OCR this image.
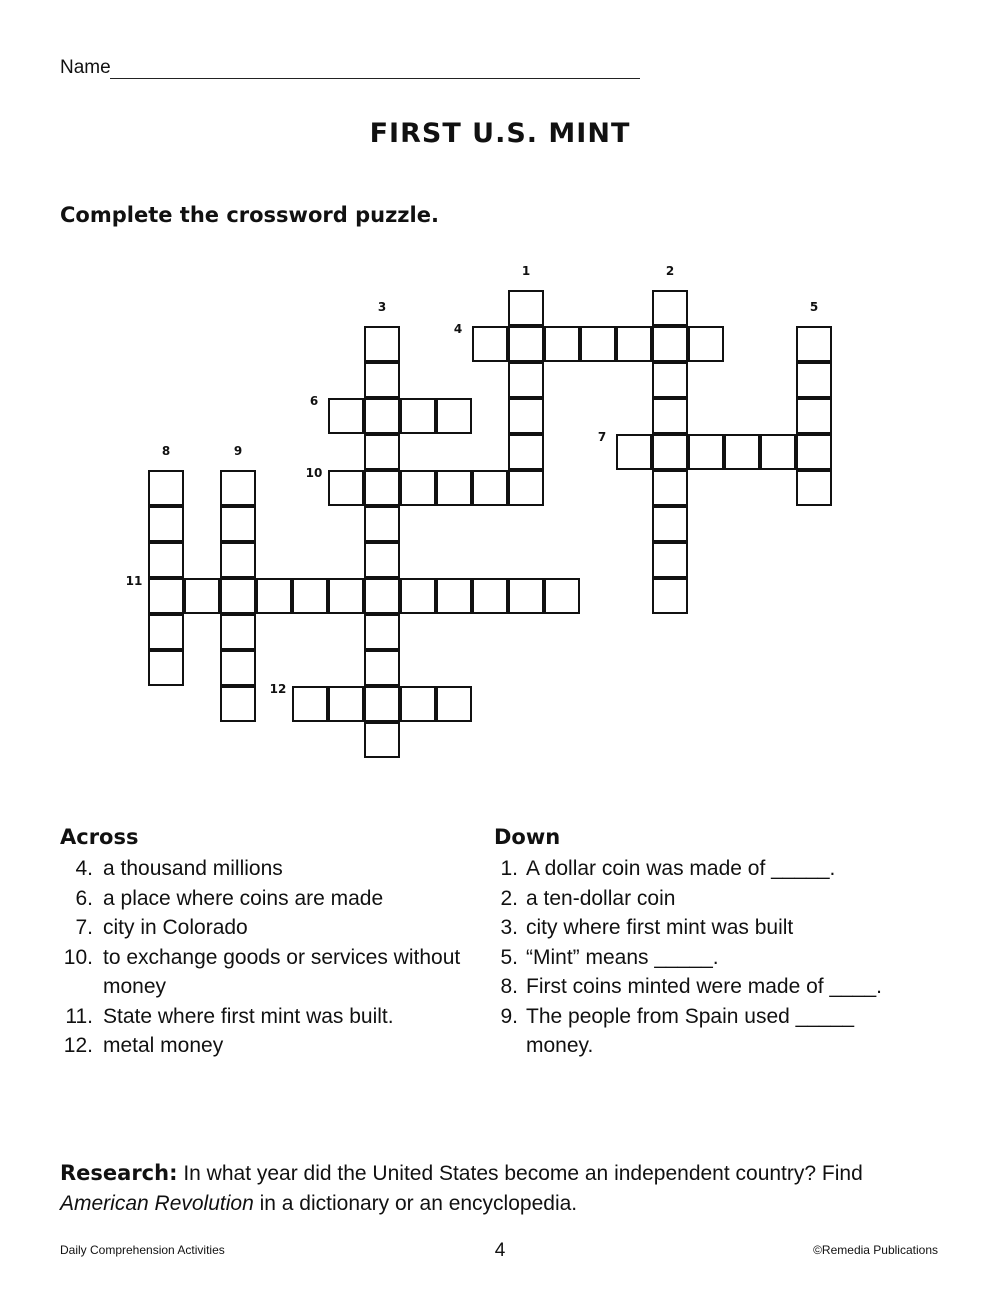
Name
FIRST U.S. MINT
Complete the crossword puzzle.
1	2
3
4
5
6
7
8	9
10
11
12
Across
4. a thousand millions
6. a place where coins are made
7. city in Colorado
10. to exchange goods or services without money
11. State where first mint was built.
12. metal money
Down
1. A dollar coin was made of _____.
2. a ten-dollar coin
3. city where first mint was built
5. “Mint” means _____.
8. First coins minted were made of ____.
9. The people from Spain used _____ money.
Research: In what year did the United States become an independent country? Find American Revolution in a dictionary or an encyclopedia.
Daily Comprehension Activities	4	©Remedia Publications
